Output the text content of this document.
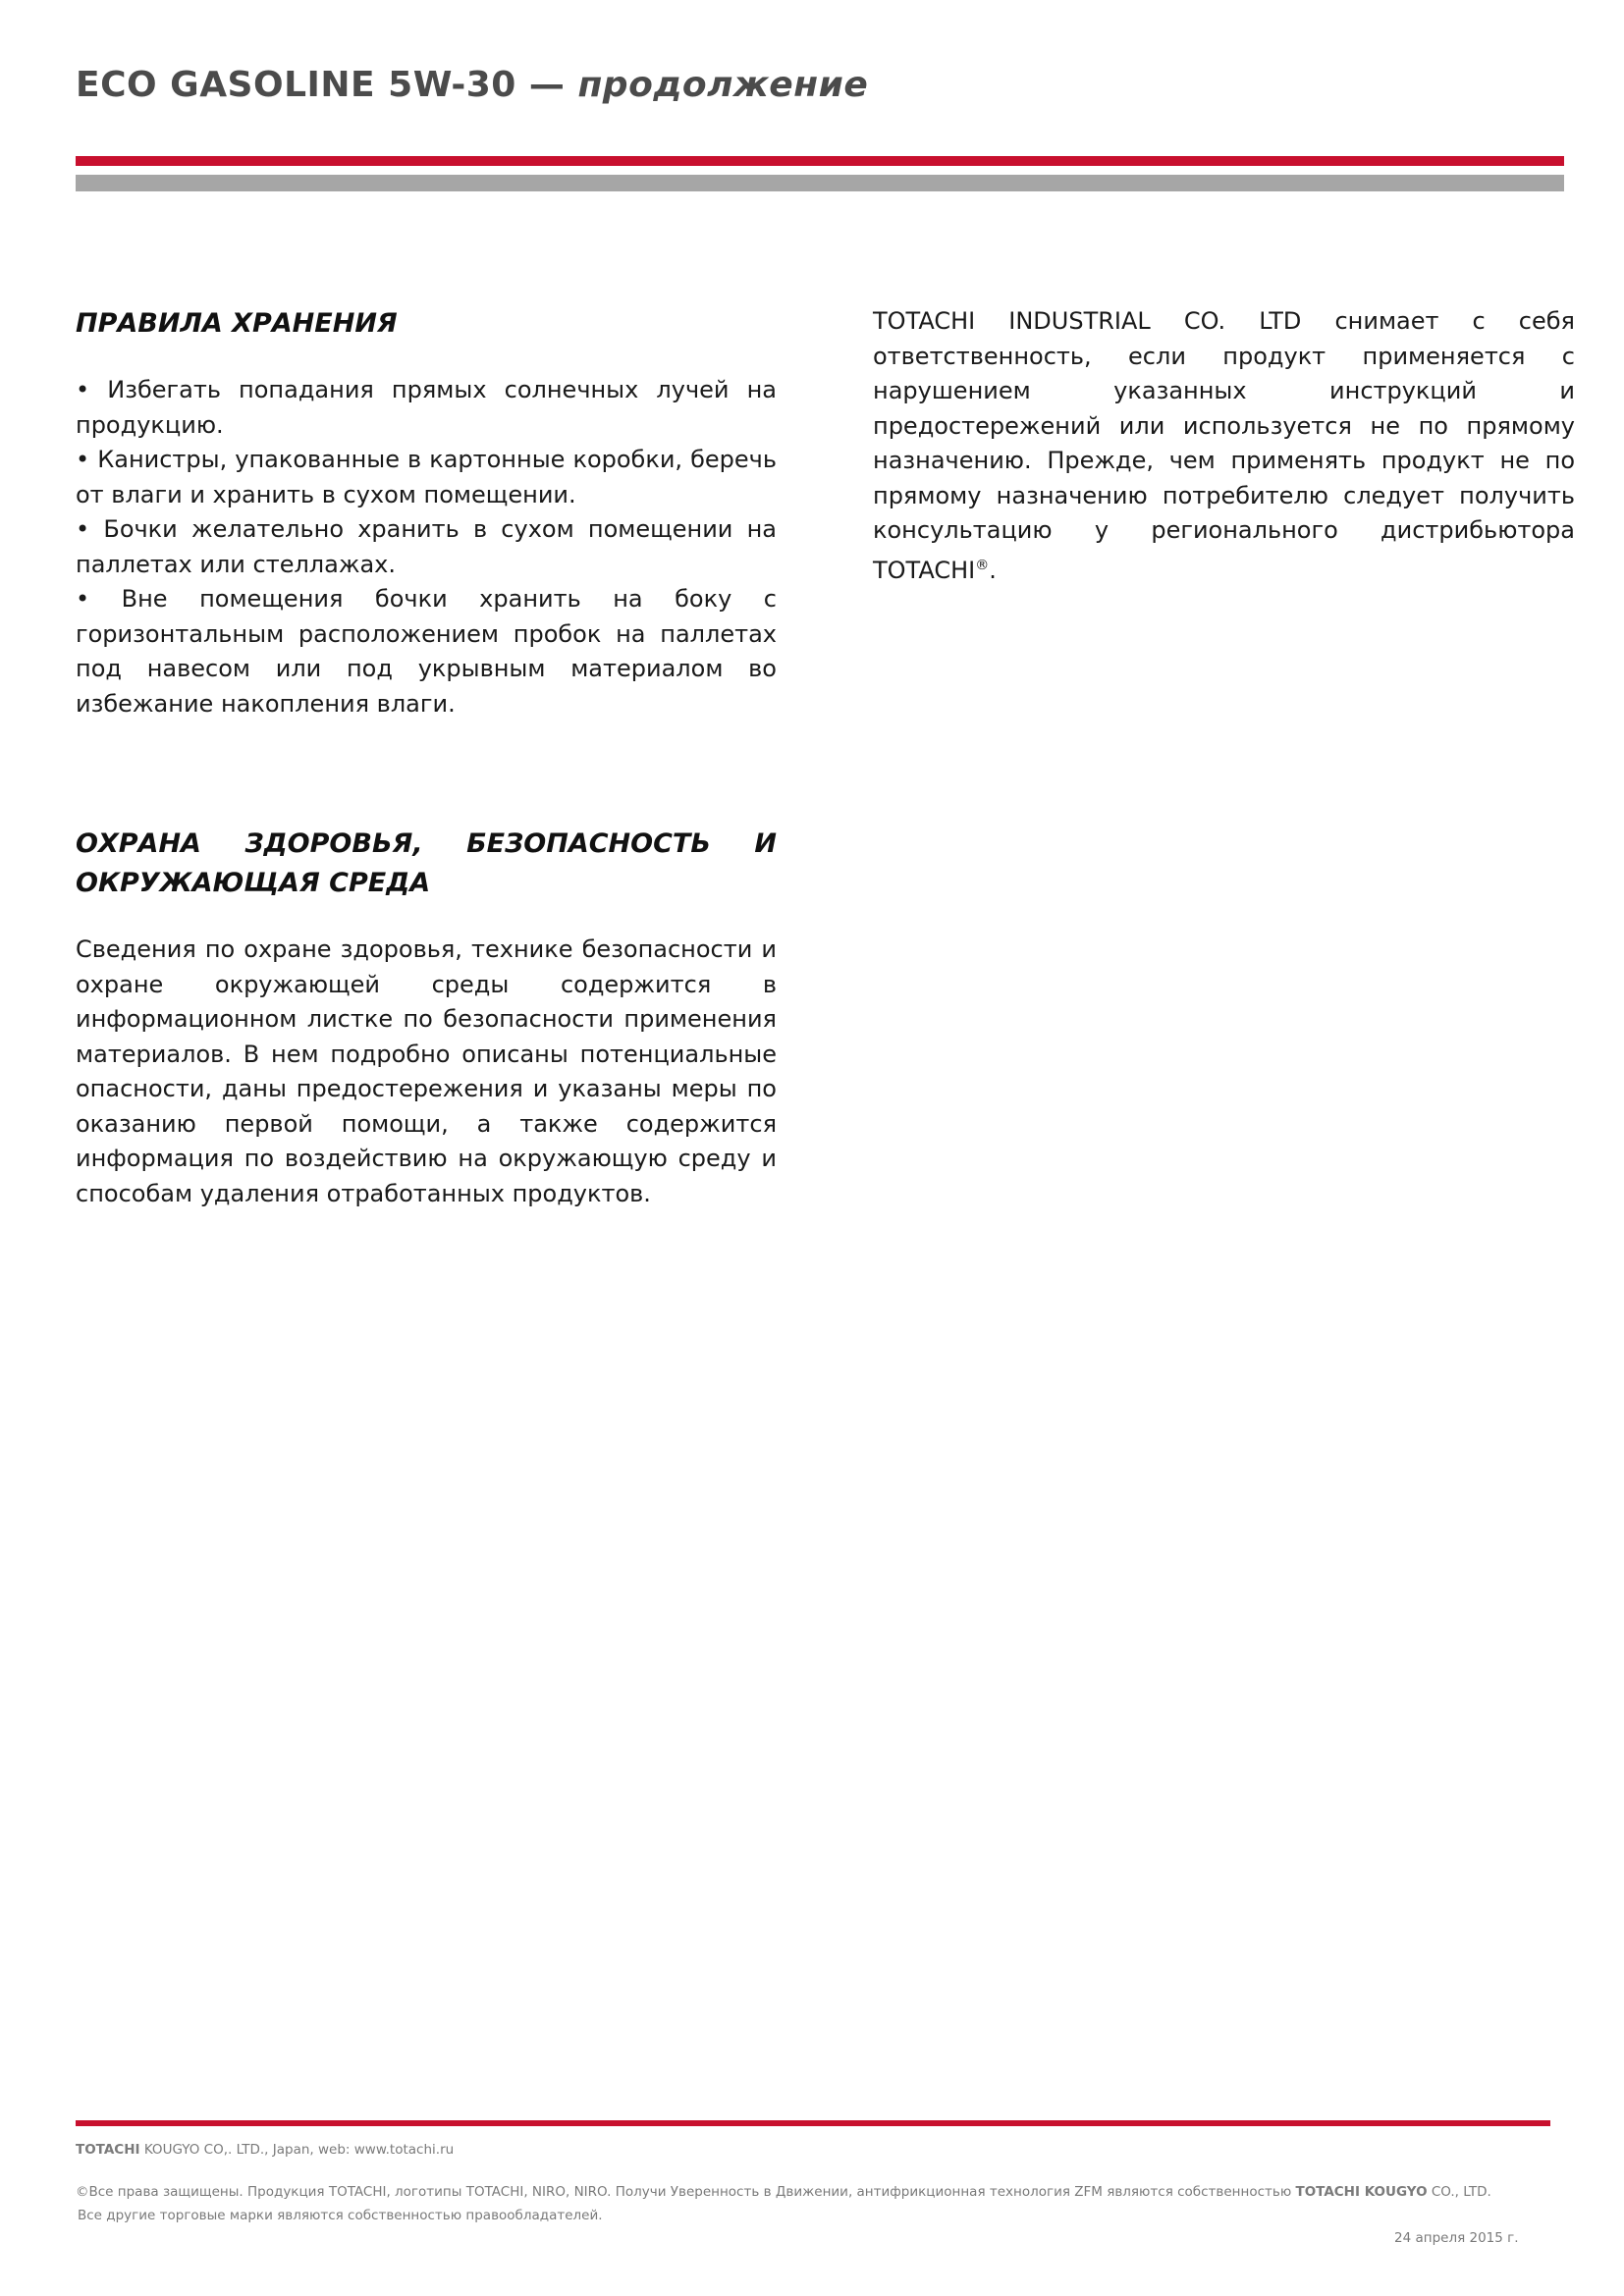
ECO GASOLINE 5W-30 — продолжение
ПРАВИЛА ХРАНЕНИЯ

• Избегать попадания прямых солнечных лучей на продукцию.

• Канистры, упакованные в картонные коробки, беречь от влаги и хранить в сухом помещении.

• Бочки желательно хранить в сухом помещении на паллетах или стеллажах.

• Вне помещения бочки хранить на боку с горизонтальным расположением пробок на паллетах под навесом или под укрывным материалом во избежание накопления влаги.

ОХРАНА ЗДОРОВЬЯ, БЕЗОПАСНОСТЬ И ОКРУЖАЮЩАЯ СРЕДА

Сведения по охране здоровья, технике безопасности и охране окружающей среды содержится в информационном листке по безопасности применения материалов. В нем подробно описаны потенциальные опасности, даны предостережения и указаны меры по оказанию первой помощи, а также содержится информация по воздействию на окружающую среду и способам удаления отработанных продуктов.

TOTACHI INDUSTRIAL CO. LTD снимает с себя ответственность, если продукт применяется с нарушением указанных инструкций и предостережений или используется не по прямому назначению. Прежде, чем применять продукт не по прямому назначению потребителю следует получить консультацию у регионального дистрибьютора TOTACHI®.

TOTACHI KOUGYO CO,. LTD., Japan, web: www.totachi.ru
©Все права защищены. Продукция TOTACHI, логотипы TOTACHI, NIRO, NIRO. Получи Уверенность в Движении, антифрикционная технология ZFM являются собственностью TOTACHI KOUGYO CO., LTD.
Все другие торговые марки являются собственностью правообладателей.
24 апреля 2015 г.
